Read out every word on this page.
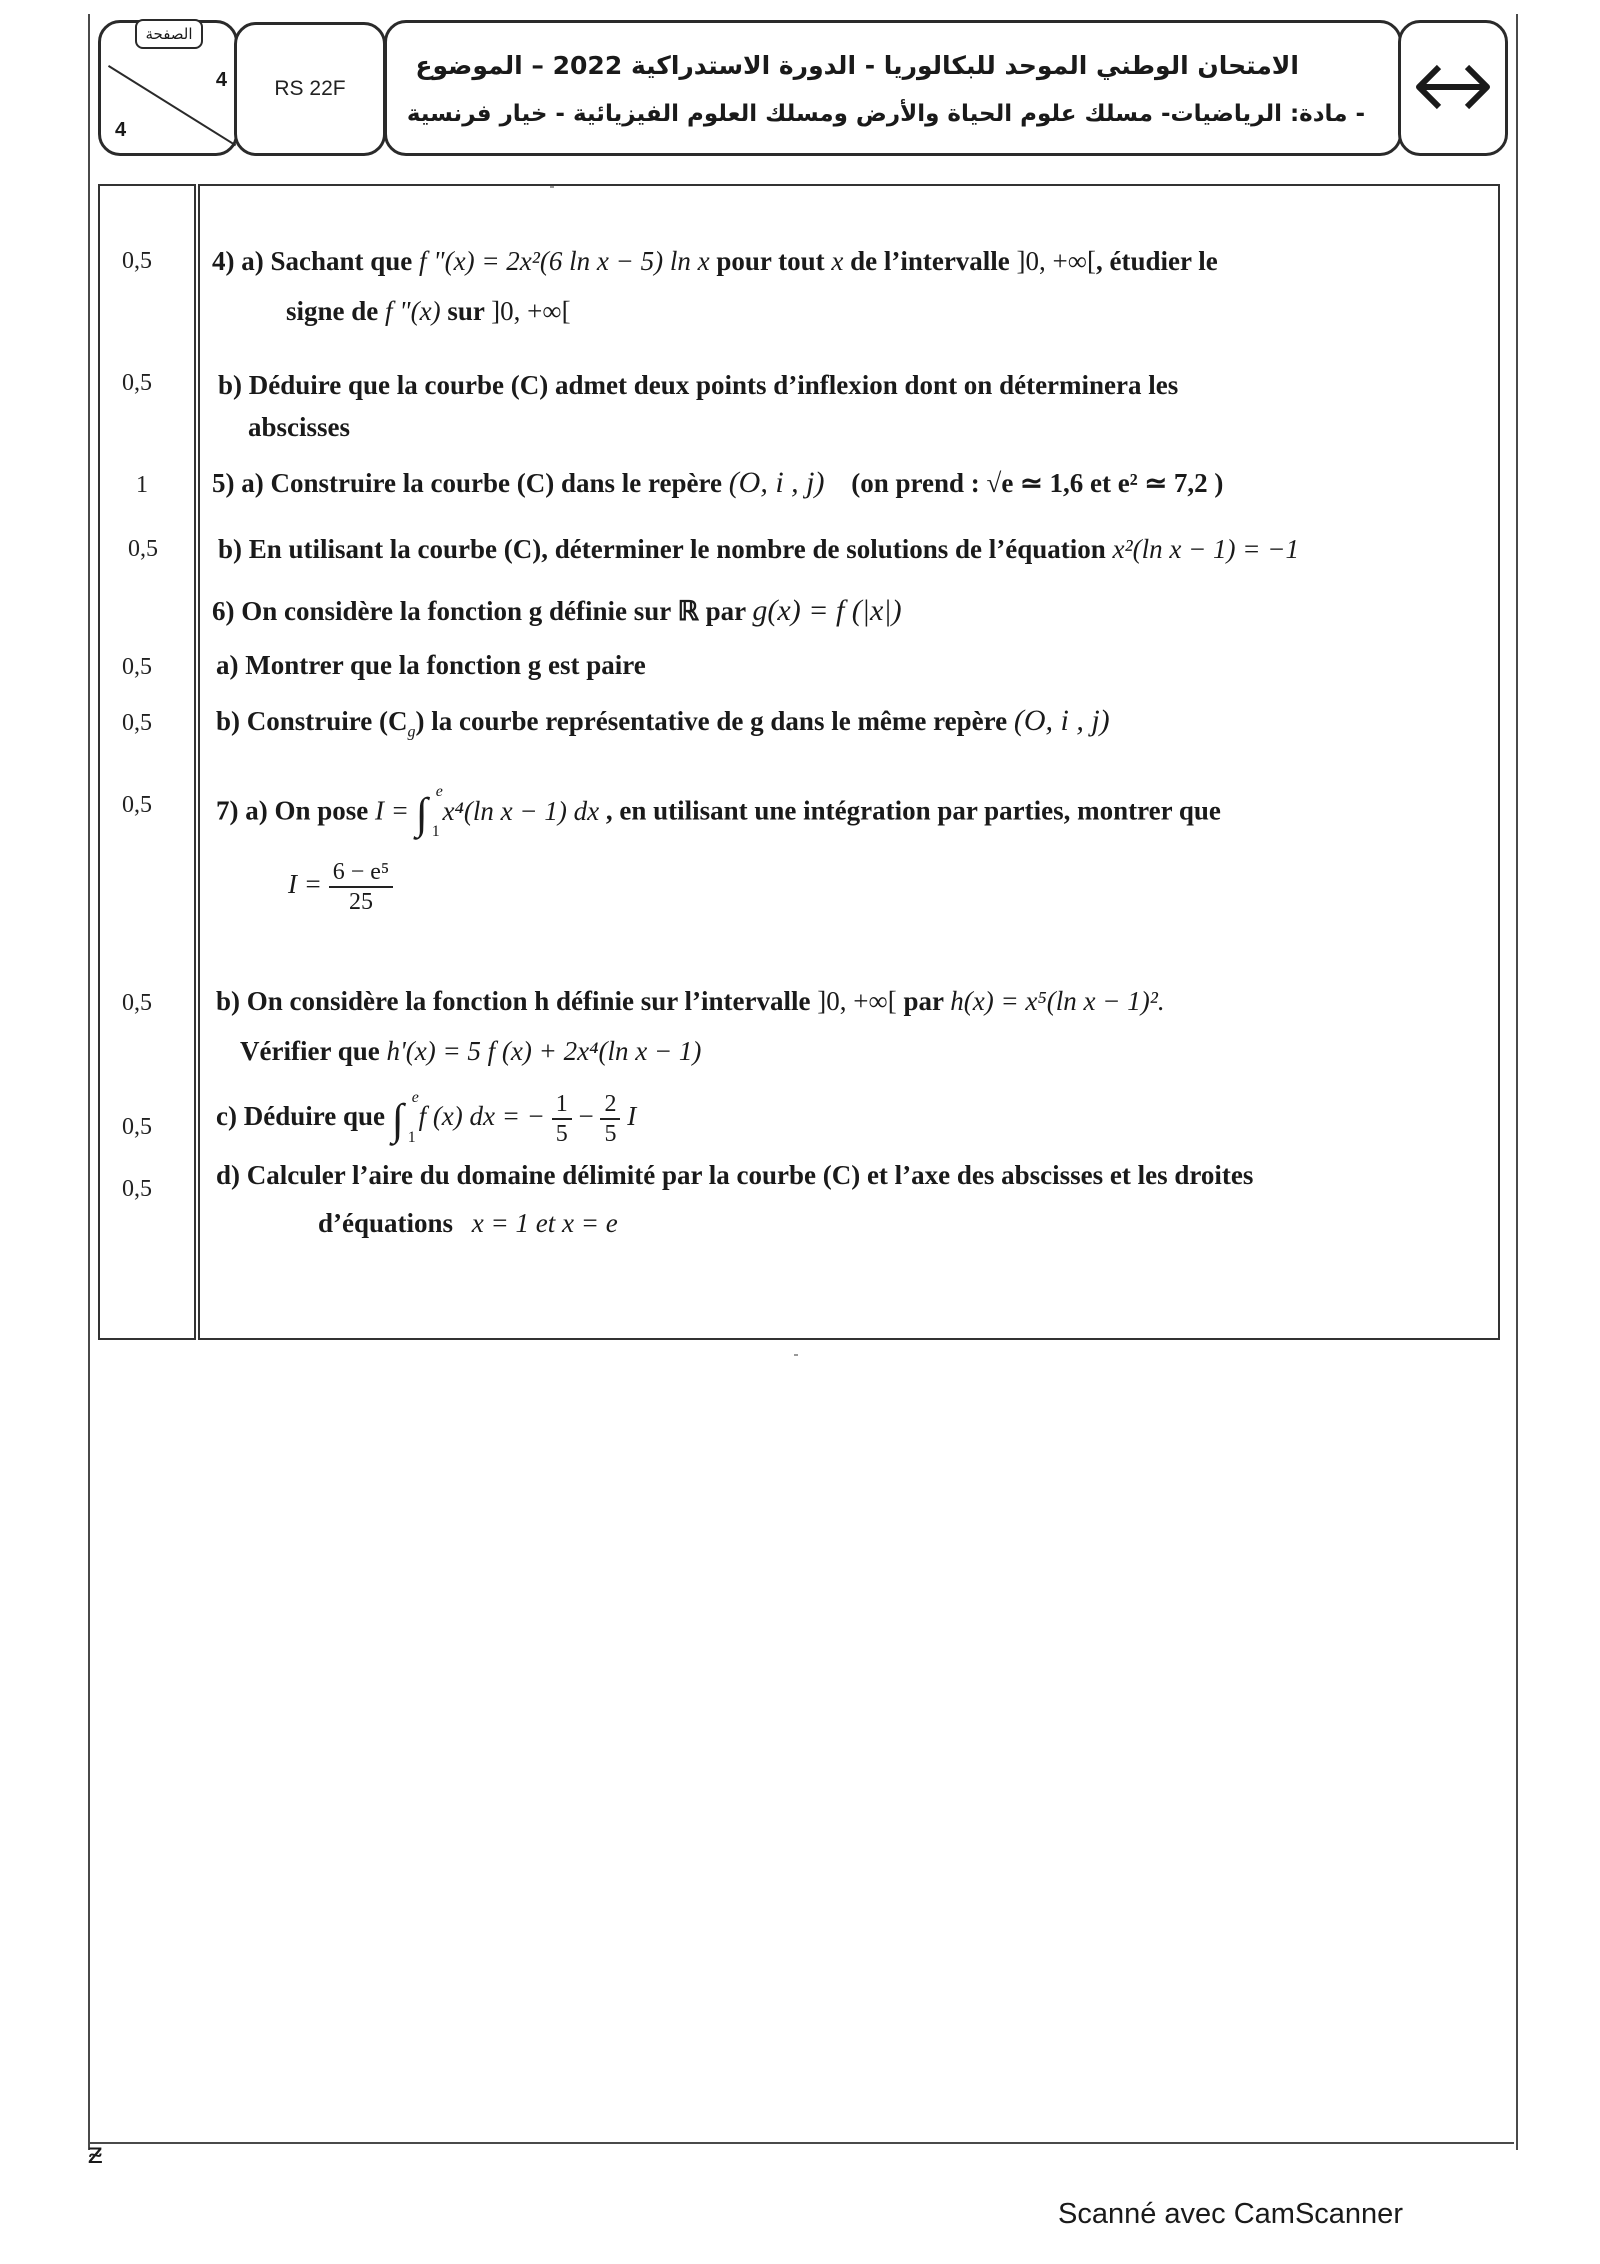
الصفحة
4
4
RS 22F
الامتحان الوطني الموحد للبكالوريا - الدورة الاستدراكية 2022 – الموضوع
- مادة: الرياضيات- مسلك علوم الحياة والأرض ومسلك العلوم الفيزيائية - خيار فرنسية
0,5
0,5
1
0,5
0,5
0,5
0,5
0,5
0,5
0,5
4) a) Sachant que f "(x) = 2x²(6 ln x − 5) ln x pour tout x de l’intervalle ]0, +∞[, étudier le
signe de f "(x) sur ]0, +∞[
b) Déduire que la courbe (C) admet deux points d’inflexion dont on déterminera les
abscisses
5) a) Construire la courbe (C) dans le repère (O, i , j) (on prend : √e ≃ 1,6 et e² ≃ 7,2 )
b) En utilisant la courbe (C), déterminer le nombre de solutions de l’équation x²(ln x − 1) = −1
6) On considère la fonction g définie sur ℝ par g(x) = f (|x|)
a) Montrer que la fonction g est paire
b) Construire $(C_g)$ la courbe représentative de g dans le même repère (O, i , j)
7) a) On pose I = ∫ e
1
x⁴(ln x − 1) dx , en utilisant une intégration par parties, montrer que
$I = \frac{\text{6 − e⁵}}{25}$
b) On considère la fonction h définie sur l’intervalle ]0, +∞[ par h(x) = x⁵(ln x − 1)².
Vérifier que h'(x) = 5 f (x) + 2x⁴(ln x − 1)
c) Déduire que ∫ e
1
f (x) dx = − $\frac{1}{5} - \frac{2}{5}$ I
d) Calculer l’aire du domaine délimité par la courbe (C) et l’axe des abscisses et les droites
d’équations x = 1 et x = e
ᵶ
Scanné avec CamScanner
